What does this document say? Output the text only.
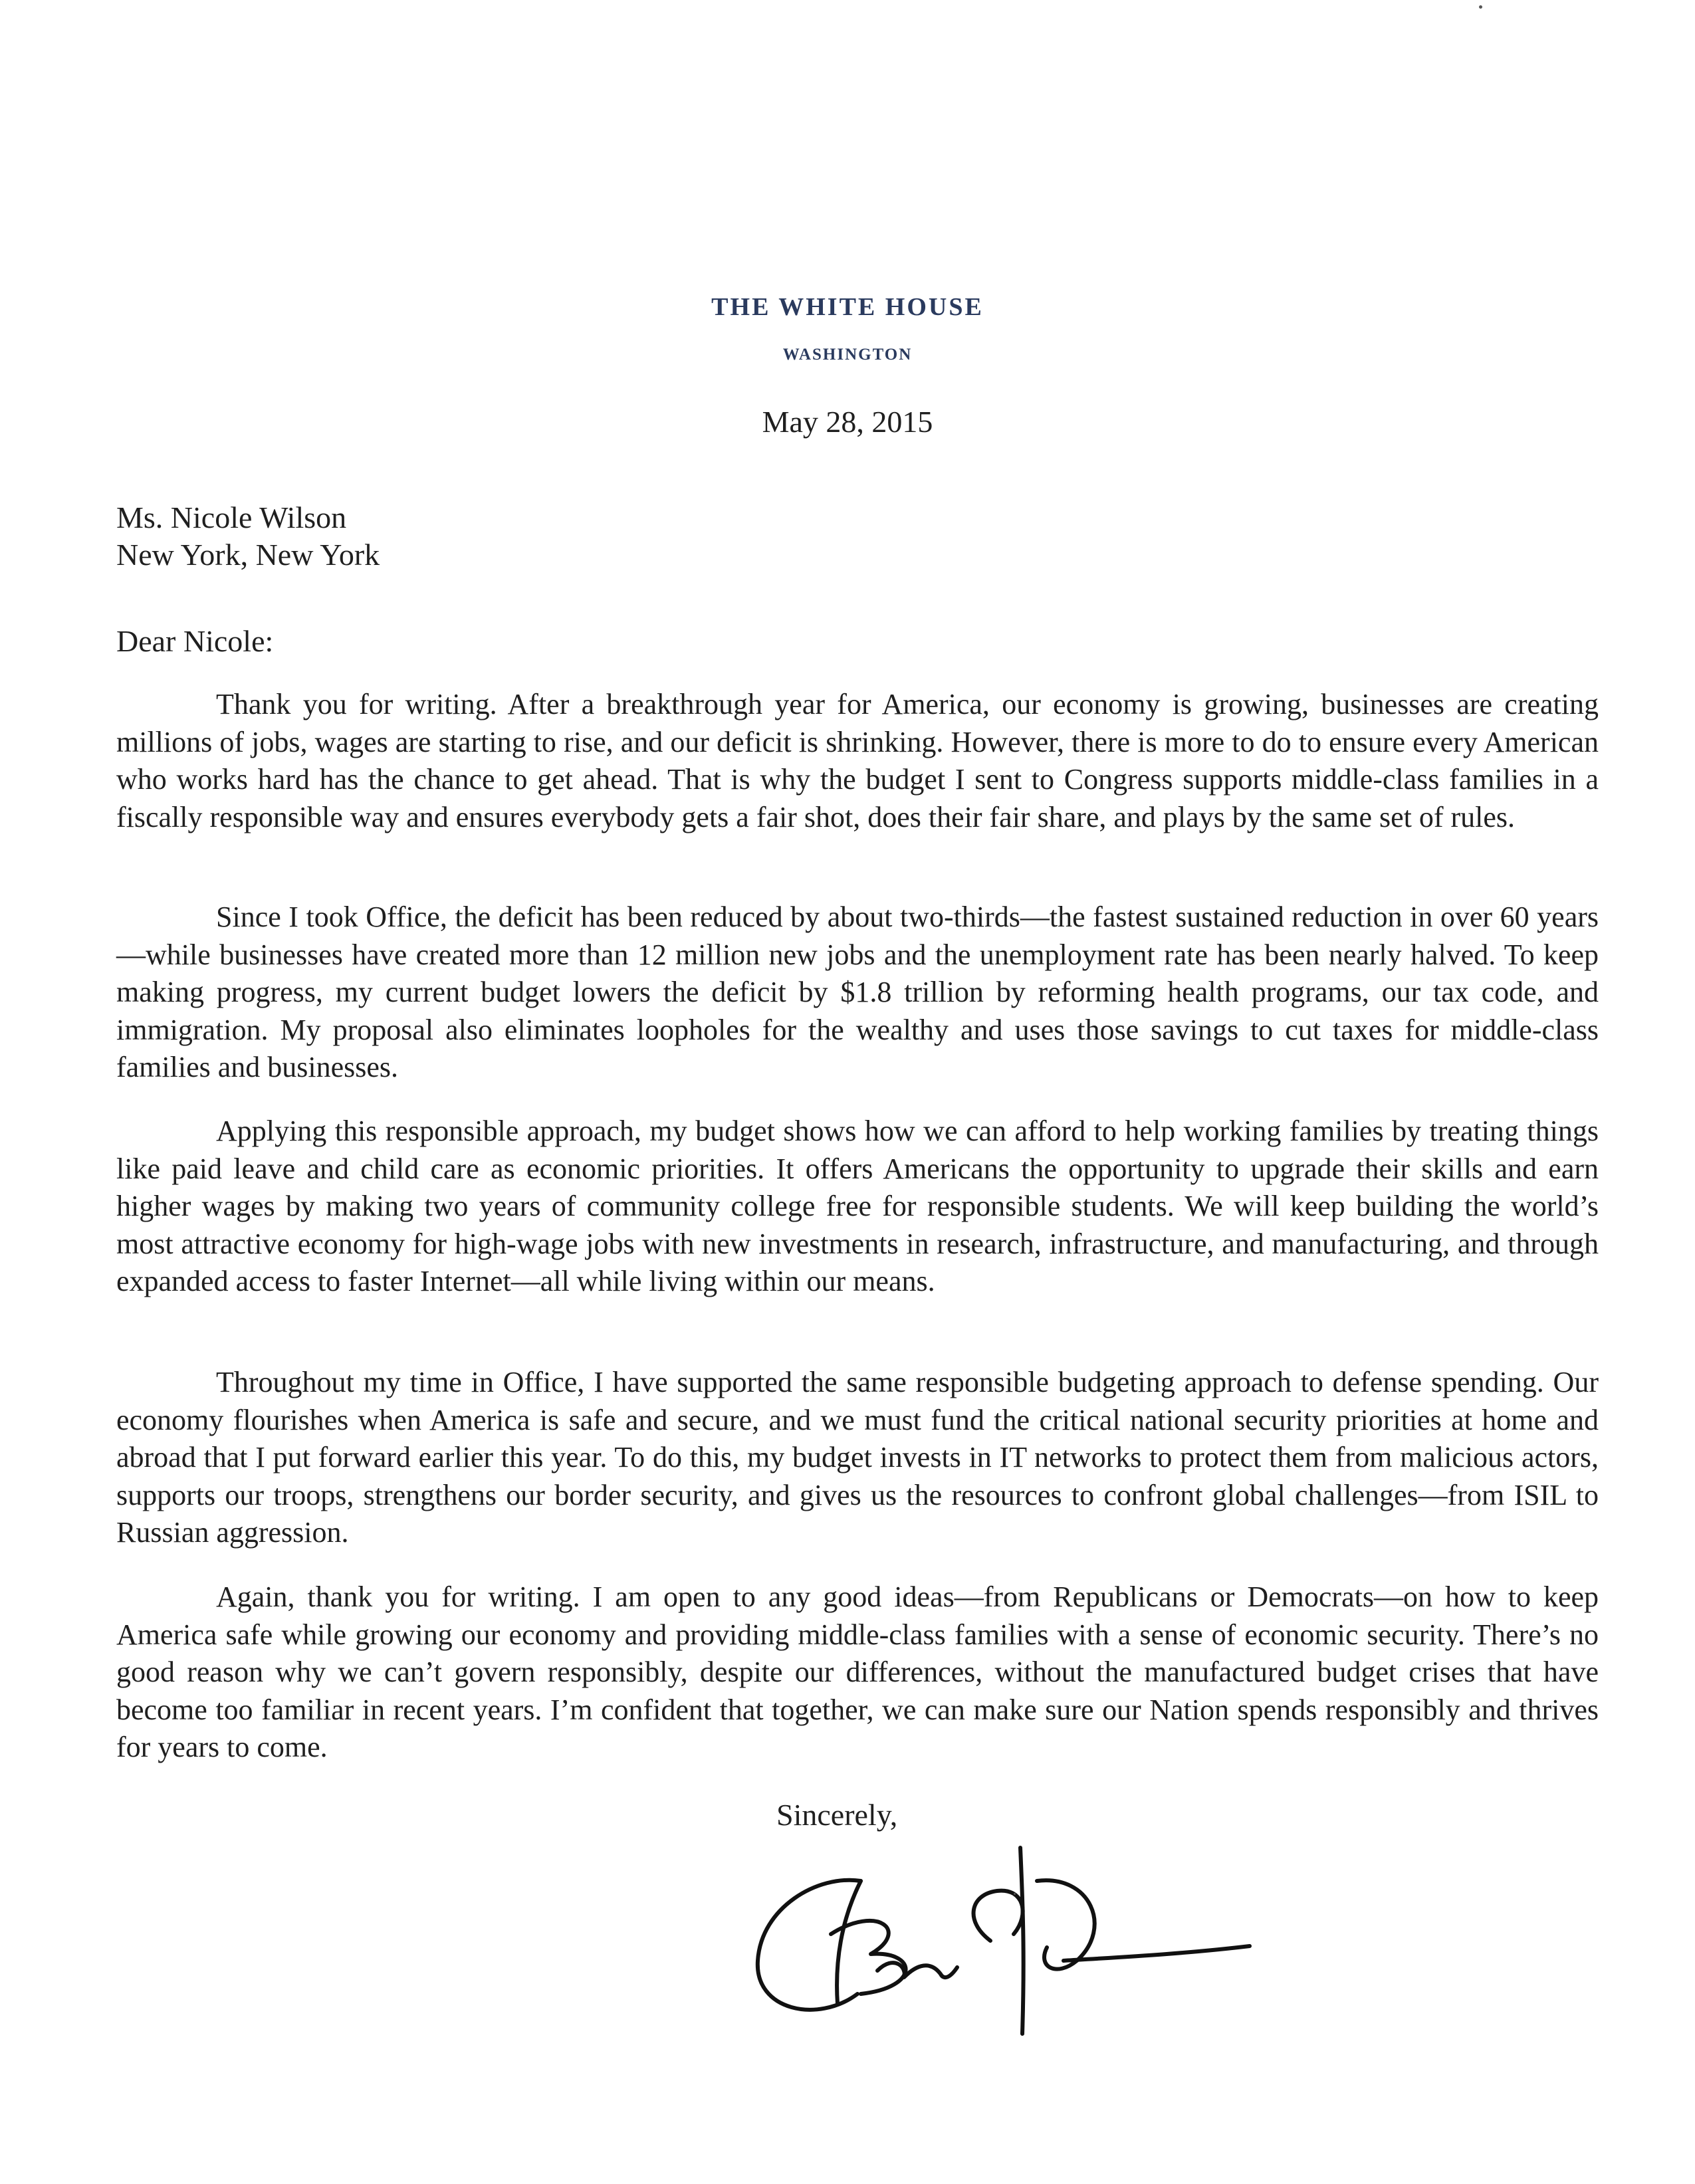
THE WHITE HOUSE
WASHINGTON
May 28, 2015
Ms. Nicole Wilson
New York, New York
Dear Nicole:

Thank you for writing. After a breakthrough year for America, our economy is growing, businesses are creating millions of jobs, wages are starting to rise, and our deficit is shrinking. However, there is more to do to ensure every American who works hard has the chance to get ahead. That is why the budget I sent to Congress supports middle-class families in a fiscally responsible way and ensures everybody gets a fair shot, does their fair share, and plays by the same set of rules.

Since I took Office, the deficit has been reduced by about two-thirds—the fastest sustained reduction in over 60 years—while businesses have created more than 12 million new jobs and the unemployment rate has been nearly halved. To keep making progress, my current budget lowers the deficit by $1.8 trillion by reforming health programs, our tax code, and immigration. My proposal also eliminates loopholes for the wealthy and uses those savings to cut taxes for middle-class families and businesses.

Applying this responsible approach, my budget shows how we can afford to help working families by treating things like paid leave and child care as economic priorities. It offers Americans the opportunity to upgrade their skills and earn higher wages by making two years of community college free for responsible students. We will keep building the world’s most attractive economy for high-wage jobs with new investments in research, infrastructure, and manufacturing, and through expanded access to faster Internet—all while living within our means.

Throughout my time in Office, I have supported the same responsible budgeting approach to defense spending. Our economy flourishes when America is safe and secure, and we must fund the critical national security priorities at home and abroad that I put forward earlier this year. To do this, my budget invests in IT networks to protect them from malicious actors, supports our troops, strengthens our border security, and gives us the resources to confront global challenges—from ISIL to Russian aggression.

Again, thank you for writing. I am open to any good ideas—from Republicans or Democrats—on how to keep America safe while growing our economy and providing middle-class families with a sense of economic security. There’s no good reason why we can’t govern responsibly, despite our differences, without the manufactured budget crises that have become too familiar in recent years. I’m confident that together, we can make sure our Nation spends responsibly and thrives for years to come.

Sincerely,
